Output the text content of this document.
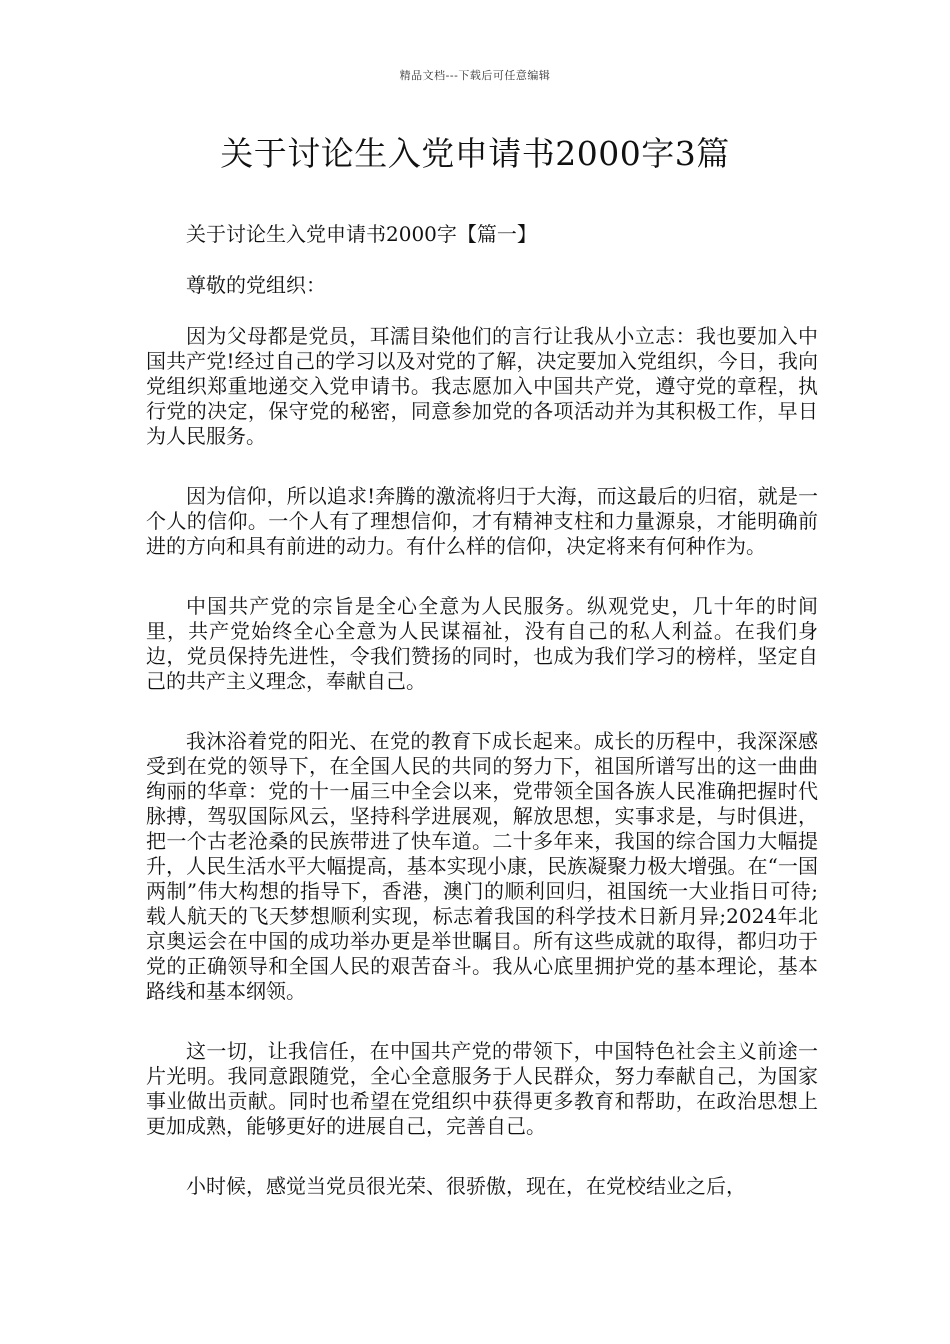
精品文档---下载后可任意编辑
关于讨论生入党申请书2000字3篇

关于讨论生入党申请书2000字【篇一】

尊敬的党组织：

因为父母都是党员，耳濡目染他们的言行让我从小立志：我也要加入中国共产党!经过自己的学习以及对党的了解，决定要加入党组织，今日，我向党组织郑重地递交入党申请书。我志愿加入中国共产党，遵守党的章程，执行党的决定，保守党的秘密，同意参加党的各项活动并为其积极工作，早日为人民服务。

因为信仰，所以追求!奔腾的激流将归于大海，而这最后的归宿，就是一个人的信仰。一个人有了理想信仰，才有精神支柱和力量源泉，才能明确前进的方向和具有前进的动力。有什么样的信仰，决定将来有何种作为。

中国共产党的宗旨是全心全意为人民服务。纵观党史，几十年的时间里，共产党始终全心全意为人民谋福祉，没有自己的私人利益。在我们身边，党员保持先进性，令我们赞扬的同时，也成为我们学习的榜样，坚定自己的共产主义理念，奉献自己。

我沐浴着党的阳光、在党的教育下成长起来。成长的历程中，我深深感受到在党的领导下，在全国人民的共同的努力下，祖国所谱写出的这一曲曲绚丽的华章：党的十一届三中全会以来，党带领全国各族人民准确把握时代脉搏，驾驭国际风云，坚持科学进展观，解放思想，实事求是，与时俱进，把一个古老沧桑的民族带进了快车道。二十多年来，我国的综合国力大幅提升，人民生活水平大幅提高，基本实现小康，民族凝聚力极大增强。在“一国两制”伟大构想的指导下，香港，澳门的顺利回归，祖国统一大业指日可待;载人航天的飞天梦想顺利实现，标志着我国的科学技术日新月异;2024年北京奥运会在中国的成功举办更是举世瞩目。所有这些成就的取得，都归功于党的正确领导和全国人民的艰苦奋斗。我从心底里拥护党的基本理论，基本路线和基本纲领。

这一切，让我信任，在中国共产党的带领下，中国特色社会主义前途一片光明。我同意跟随党，全心全意服务于人民群众，努力奉献自己，为国家事业做出贡献。同时也希望在党组织中获得更多教育和帮助，在政治思想上更加成熟，能够更好的进展自己，完善自己。

小时候，感觉当党员很光荣、很骄傲，现在，在党校结业之后，
